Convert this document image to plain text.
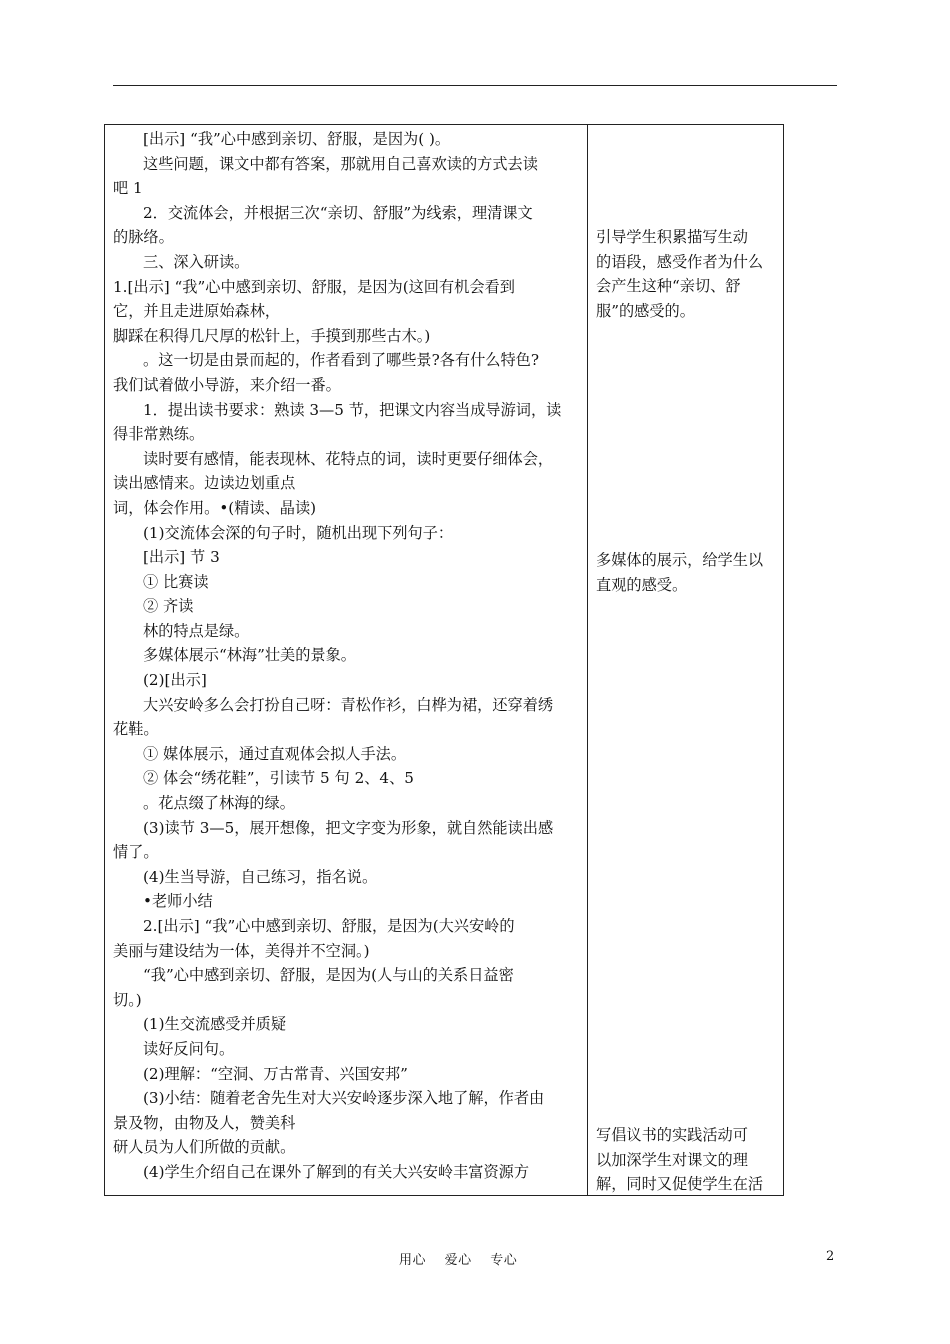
[出示] “我”心中感到亲切、舒服，是因为( )。
这些问题，课文中都有答案，那就用自己喜欢读的方式去读
吧 1
2．交流体会，并根据三次“亲切、舒服”为线索，理清课文
的脉络。
三、深入研读。
1.[出示] “我”心中感到亲切、舒服，是因为(这回有机会看到
它，并且走进原始森林，
脚踩在积得几尺厚的松针上，手摸到那些古木。)
。这一切是由景而起的，作者看到了哪些景?各有什么特色?
我们试着做小导游，来介绍一番。
1．提出读书要求：熟读 3—5 节，把课文内容当成导游词，读
得非常熟练。
读时要有感情，能表现林、花特点的词，读时更要仔细体会，
读出感情来。边读边划重点
词，体会作用。•(精读、晶读)
(1)交流体会深的句子时，随机出现下列句子：
[出示] 节 3
① 比赛读
② 齐读
林的特点是绿。
多媒体展示“林海”壮美的景象。
(2)[出示]
大兴安岭多么会打扮自己呀：青松作衫，白桦为裙，还穿着绣
花鞋。
① 媒体展示，通过直观体会拟人手法。
② 体会“绣花鞋”，引读节 5 句 2、4、5
。花点缀了林海的绿。
(3)读节 3—5，展开想像，把文字变为形象，就自然能读出感
情了。
(4)生当导游，自己练习，指名说。
•老师小结
2.[出示] “我”心中感到亲切、舒服，是因为(大兴安岭的
美丽与建设结为一体，美得并不空洞。)
“我”心中感到亲切、舒服，是因为(人与山的关系日益密
切。)
(1)生交流感受并质疑
读好反问句。
(2)理解：“空洞、万古常青、兴国安邦”
(3)小结：随着老舍先生对大兴安岭逐步深入地了解，作者由
景及物，由物及人，赞美科
研人员为人们所做的贡献。
(4)学生介绍自己在课外了解到的有关大兴安岭丰富资源方
引导学生积累描写生动
的语段，感受作者为什么
会产生这种“亲切、舒
服”的感受的。
多媒体的展示，给学生以
直观的感受。
写倡议书的实践活动可
以加深学生对课文的理
解，同时又促使学生在活
用心 爱心 专心	2
